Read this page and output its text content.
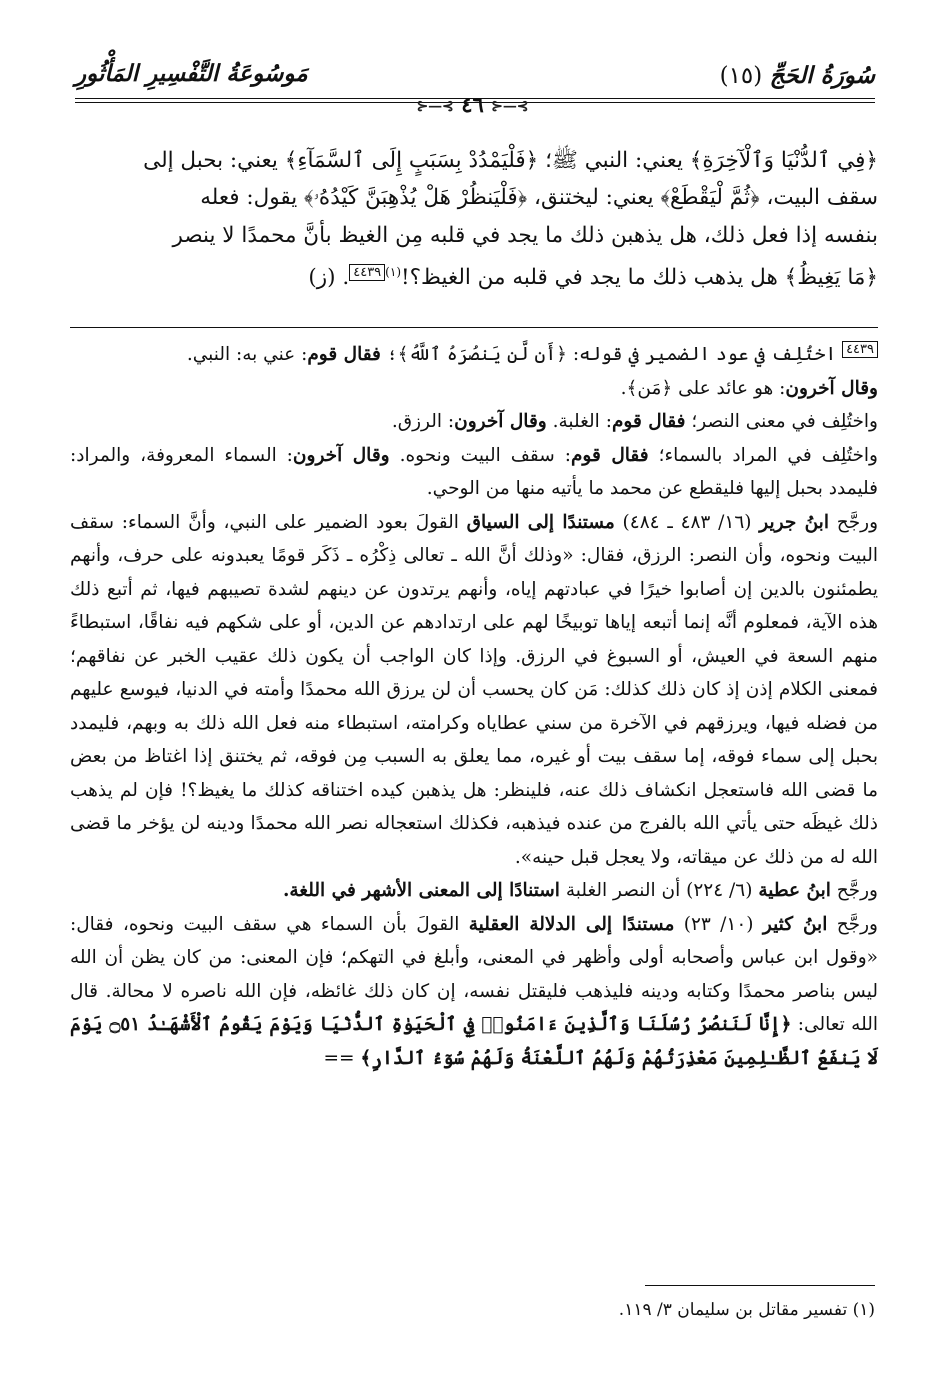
سُورَةُ الحَجِّ (١٥)
مَوسُوعَةُ التَّفْسِيرِ المَأْثُورِ
⊱—⊰ ٤٦ ⊱—⊰

﴿فِي ٱلدُّنْيَا وَٱلْآخِرَةِ﴾ يعني: النبي ﷺ؛ ﴿فَلْيَمْدُدْ بِسَبَبٍ إِلَى ٱلسَّمَآءِ﴾ يعني: بحبل إلى

سقف البيت، ﴿ثُمَّ لْيَقْطَعْ﴾ يعني: ليختنق، ﴿فَلْيَنظُرْ هَلْ يُذْهِبَنَّ كَيْدُهُۥ﴾ يقول: فعله

بنفسه إذا فعل ذلك، هل يذهبن ذلك ما يجد في قلبه مِن الغيظ بأنَّ محمدًا لا ينصر

﴿مَا يَغِيظُ﴾ هل يذهب ذلك ما يجد في قلبه من الغيظ؟!$^{(١)}$٤٤٣٩. (ز)

٤٤٣٩ اختُلِف في عود الضمير في قوله: ﴿أَن لَّن يَنصُرَهُ ٱللَّهُ﴾؛ فقال قوم: عني به: النبي.

وقال آخرون: هو عائد على ﴿مَن﴾.

واختُلِف في معنى النصر؛ فقال قوم: الغلبة. وقال آخرون: الرزق.

واختُلِف في المراد بالسماء؛ فقال قوم: سقف البيت ونحوه. وقال آخرون: السماء المعروفة، والمراد: فليمدد بحبل إليها فليقطع عن محمد ما يأتيه منها من الوحي.

ورجَّح ابنُ جرير (١٦/ ٤٨٣ ـ ٤٨٤) مستندًا إلى السياق القولَ بعود الضمير على النبي، وأنَّ السماء: سقف البيت ونحوه، وأن النصر: الرزق، فقال: «وذلك أنَّ الله ـ تعالى ذِكْرُه ـ ذَكَر قومًا يعبدونه على حرف، وأنهم يطمئنون بالدين إن أصابوا خيرًا في عبادتهم إياه، وأنهم يرتدون عن دينهم لشدة تصيبهم فيها، ثم أتبع ذلك هذه الآية، فمعلوم أنَّه إنما أتبعه إياها توبيخًا لهم على ارتدادهم عن الدين، أو على شكهم فيه نفاقًا، استبطاءً منهم السعة في العيش، أو السبوغ في الرزق. وإذا كان الواجب أن يكون ذلك عقيب الخبر عن نفاقهم؛ فمعنى الكلام إذن إذ كان ذلك كذلك: مَن كان يحسب أن لن يرزق الله محمدًا وأمته في الدنيا، فيوسع عليهم من فضله فيها، ويرزقهم في الآخرة من سني عطاياه وكرامته، استبطاء منه فعل الله ذلك به وبهم، فليمدد بحبل إلى سماء فوقه، إما سقف بيت أو غيره، مما يعلق به السبب مِن فوقه، ثم يختنق إذا اغتاظ من بعض ما قضى الله فاستعجل انكشاف ذلك عنه، فلينظر: هل يذهبن كيده اختناقه كذلك ما يغيظ؟! فإن لم يذهب ذلك غيظَه حتى يأتي الله بالفرج من عنده فيذهبه، فكذلك استعجاله نصر الله محمدًا ودينه لن يؤخر ما قضى الله له من ذلك عن ميقاته، ولا يعجل قبل حينه».

ورجَّح ابنُ عطية (٦/ ٢٢٤) أن النصر الغلبة استنادًا إلى المعنى الأشهر في اللغة.

ورجَّح ابنُ كثير (١٠/ ٢٣) مستندًا إلى الدلالة العقلية القولَ بأن السماء هي سقف البيت ونحوه، فقال: «وقول ابن عباس وأصحابه أولى وأظهر في المعنى، وأبلغ في التهكم؛ فإن المعنى: من كان يظن أن الله ليس بناصر محمدًا وكتابه ودينه فليذهب فليقتل نفسه، إن كان ذلك غائظه، فإن الله ناصره لا محالة. قال الله تعالى: ﴿إِنَّا لَنَنصُرُ رُسُلَنَا وَٱلَّذِينَ ءَامَنُوا۟ فِي ٱلْحَيَوٰةِ ٱلدُّنْيَا وَيَوْمَ يَقُومُ ٱلْأَشْهَـٰدُ ۝٥١ يَوْمَ لَا يَنفَعُ ٱلظَّـٰلِمِينَ مَعْذِرَتُهُمْ وَلَهُمُ ٱللَّعْنَةُ وَلَهُمْ سُوٓءُ ٱلدَّارِ﴾ ==

(١) تفسير مقاتل بن سليمان ٣/ ١١٩.
